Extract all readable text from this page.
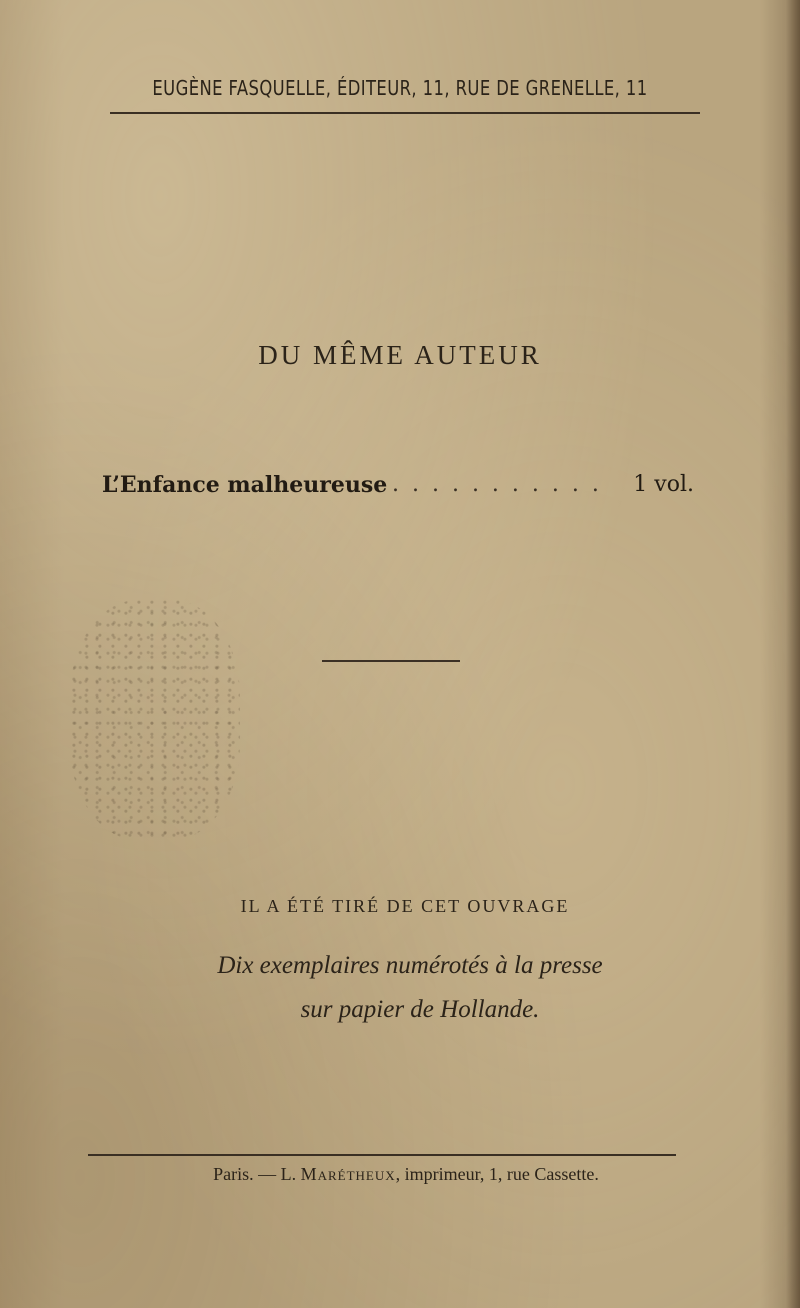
EUGÈNE FASQUELLE, ÉDITEUR, 11, RUE DE GRENELLE, 11
DU MÊME AUTEUR
L’Enfance malheureuse . . . . . . . . . . . 1 vol.
IL A ÉTÉ TIRÉ DE CET OUVRAGE
Dix exemplaires numérotés à la presse
sur papier de Hollande.
Paris. — L. Marétheux, imprimeur, 1, rue Cassette.
